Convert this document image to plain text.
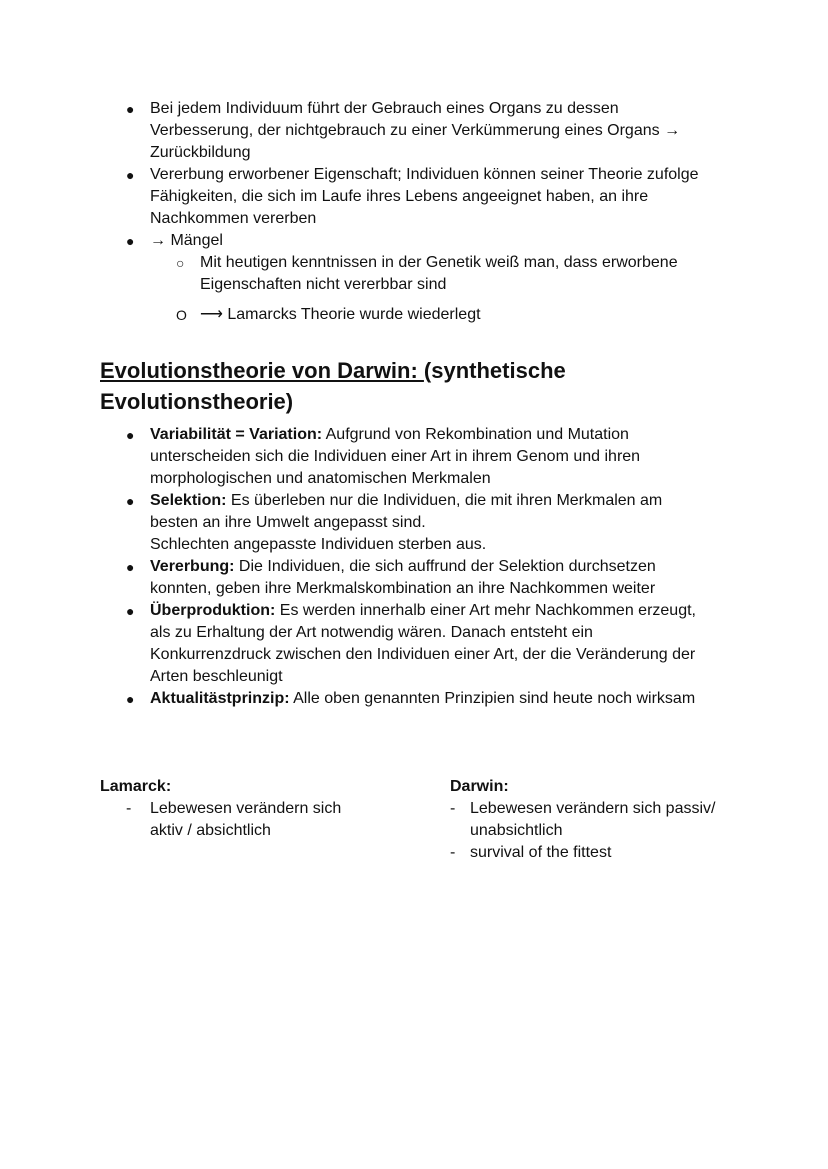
Evolutionstheorie von Darwin: (synthetische
Evolutionstheorie)
Lamarck:	Darwin:
● Bei jedem Individuum führt der Gebrauch eines Organs zu dessen
Verbesserung, der nichtgebrauch zu einer Verkümmerung eines Organs →
Zurückbildung
● Vererbung erworbener Eigenschaft; Individuen können seiner Theorie zufolge
Fähigkeiten, die sich im Laufe ihres Lebens angeeignet haben, an ihre
Nachkommen vererben
● → Mängel
○ Mit heutigen kenntnissen in der Genetik weiß man, dass erworbene
Eigenschaften nicht vererbbar sind
O ⟶ Lamarcks Theorie wurde wiederlegt
● Variabilität = Variation: Aufgrund von Rekombination und Mutation
unterscheiden sich die Individuen einer Art in ihrem Genom und ihren
morphologischen und anatomischen Merkmalen
● Selektion: Es überleben nur die Individuen, die mit ihren Merkmalen am
besten an ihre Umwelt angepasst sind.
Schlechten angepasste Individuen sterben aus.
● Vererbung: Die Individuen, die sich auffrund der Selektion durchsetzen
konnten, geben ihre Merkmalskombination an ihre Nachkommen weiter
● Überproduktion: Es werden innerhalb einer Art mehr Nachkommen erzeugt,
als zu Erhaltung der Art notwendig wären. Danach entsteht ein
Konkurrenzdruck zwischen den Individuen einer Art, der die Veränderung der
Arten beschleunigt
● Aktualitästprinzip: Alle oben genannten Prinzipien sind heute noch wirksam
- Lebewesen verändern sich
aktiv / absichtlich
- Lebewesen verändern sich passiv/
unabsichtlich
- survival of the fittest
